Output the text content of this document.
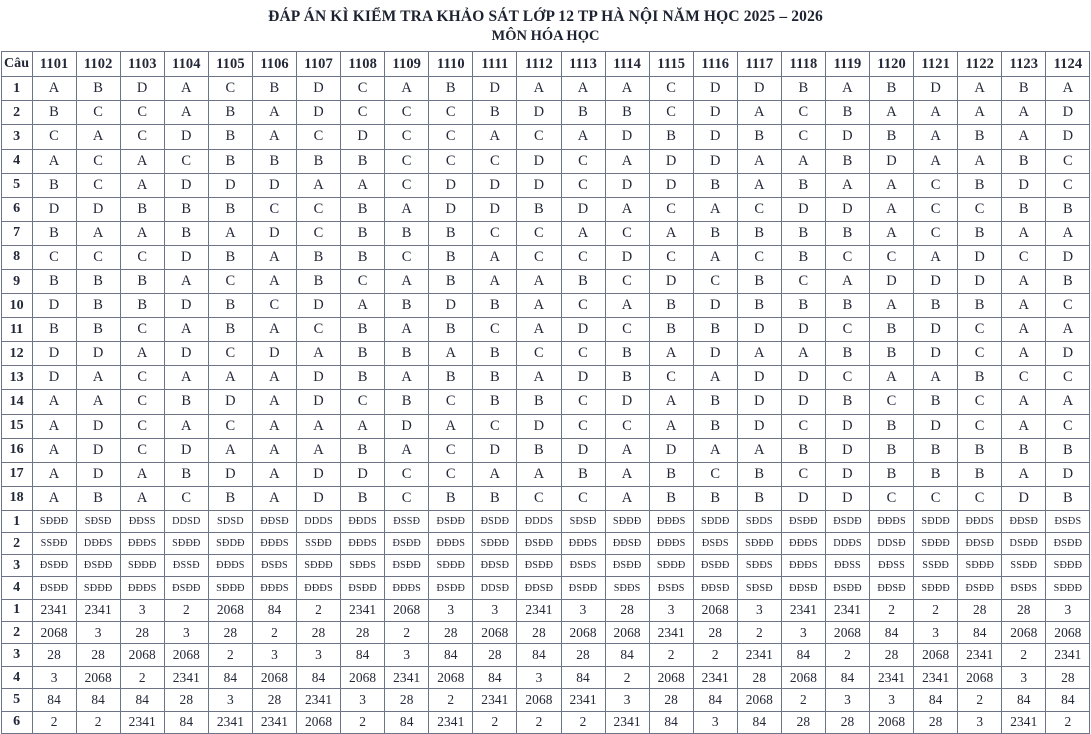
ĐÁP ÁN KÌ KIỂM TRA KHẢO SÁT LỚP 12 TP HÀ NỘI NĂM HỌC 2025 – 2026
MÔN HÓA HỌC
Câu	1101	1102	1103	1104	1105	1106	1107	1108	1109	1110	1111	1112	1113	1114	1115	1116	1117	1118	1119	1120	1121	1122	1123	1124
1	A	B	D	A	C	B	D	C	A	B	D	A	A	A	C	D	D	B	A	B	D	A	B	A
2	B	C	C	A	B	A	D	C	C	C	B	D	B	B	C	D	A	C	B	A	A	A	A	D
3	C	A	C	D	B	A	C	D	C	C	A	C	A	D	B	D	B	C	D	B	A	B	A	D
4	A	C	A	C	B	B	B	B	C	C	C	D	C	A	D	D	A	A	B	D	A	A	B	C
5	B	C	A	D	D	D	A	A	C	D	D	D	C	D	D	B	A	B	A	A	C	B	D	C
6	D	D	B	B	B	C	C	B	A	D	D	B	D	A	C	A	C	D	D	A	C	C	B	B
7	B	A	A	B	A	D	C	B	B	B	C	C	A	C	A	B	B	B	B	A	C	B	A	A
8	C	C	C	D	B	A	B	B	C	B	A	C	C	D	C	A	C	B	C	C	A	D	C	D
9	B	B	B	A	C	A	B	C	A	B	A	A	B	C	D	C	B	C	A	D	D	D	A	B
10	D	B	B	D	B	C	D	A	B	D	B	A	C	A	B	D	B	B	B	A	B	B	A	C
11	B	B	C	A	B	A	C	B	A	B	C	A	D	C	B	B	D	D	C	B	D	C	A	A
12	D	D	A	D	C	D	A	B	B	A	B	C	C	B	A	D	A	A	B	B	D	C	A	D
13	D	A	C	A	A	A	D	B	A	B	B	A	D	B	C	A	D	D	C	A	A	B	C	C
14	A	A	C	B	D	A	D	C	B	C	B	B	C	D	A	B	D	D	B	C	B	C	A	A
15	A	D	C	A	C	A	A	A	D	A	C	D	C	C	A	B	D	C	D	B	D	C	A	C
16	A	D	C	D	A	A	A	B	A	C	D	B	D	A	D	A	A	B	D	B	B	B	B	B
17	A	D	A	B	D	A	D	D	C	C	A	A	B	A	B	C	B	C	D	B	B	B	A	D
18	A	B	A	C	B	A	D	B	C	B	B	C	C	A	B	B	B	D	D	C	C	C	D	B
1	SĐĐĐ	SĐSĐ	ĐĐSS	DDSD	SDSD	ĐĐSĐ	DDDS	ĐĐDS	ĐSSĐ	ĐSĐĐ	ĐSDĐ	ĐDDS	SĐSĐ	SĐĐĐ	ĐĐĐS	SĐDĐ	SĐDS	ĐSĐĐ	ĐSDĐ	ĐĐĐS	SĐDĐ	ĐĐDS	ĐĐSĐ	ĐSĐS
2	SSĐĐ	DĐĐS	ĐĐĐS	SĐĐĐ	SĐDĐ	ĐĐĐS	SSĐĐ	ĐĐĐS	ĐSĐĐ	ĐĐĐS	SĐĐĐ	ĐSĐĐ	ĐĐĐS	ĐĐSĐ	ĐĐĐS	ĐSĐS	SĐĐĐ	ĐĐĐS	DDĐS	DDSĐ	SĐĐĐ	ĐĐSĐ	DSĐĐ	ĐSĐĐ
3	ĐSĐĐ	ĐSĐĐ	SĐĐĐ	ĐSSĐ	ĐĐĐS	ĐSĐS	SĐĐĐ	SĐĐS	ĐSĐĐ	SĐĐĐ	ĐĐSĐ	ĐSĐĐ	ĐSĐS	ĐSĐĐ	SĐĐĐ	ĐSĐĐ	SĐĐS	ĐĐĐS	ĐĐSS	ĐĐSS	SSĐĐ	SĐĐĐ	SSĐĐ	SĐĐĐ
4	ĐSĐĐ	SĐĐĐ	ĐĐĐS	ĐSĐĐ	SĐĐĐ	ĐĐĐS	ĐĐĐS	ĐSĐĐ	ĐĐĐS	ĐSĐĐ	DDSĐ	ĐĐSĐ	ĐSĐĐ	SĐĐS	ĐSĐS	ĐĐSĐ	SĐSĐ	ĐĐSĐ	ĐSĐĐ	ĐĐSĐ	SĐĐĐ	ĐSĐĐ	ĐSĐS	SĐĐĐ
1	2341	2341	3	2	2068	84	2	2341	2068	3	3	2341	3	28	3	2068	3	2341	2341	2	2	28	28	3
2	2068	3	28	3	28	2	28	28	2	28	2068	28	2068	2068	2341	28	2	3	2068	84	3	84	2068	2068
3	28	28	2068	2068	2	3	3	84	3	84	28	84	28	84	2	2	2341	84	2	28	2068	2341	2	2341
4	3	2068	2	2341	84	2068	84	2068	2341	2068	84	3	84	2	2068	2341	28	2068	84	2341	2341	2068	3	28
5	84	84	84	28	3	28	2341	3	28	2	2341	2068	2341	3	28	84	2068	2	3	3	84	2	84	84
6	2	2	2341	84	2341	2341	2068	2	84	2341	2	2	2	2341	84	3	84	28	28	2068	28	3	2341	2
